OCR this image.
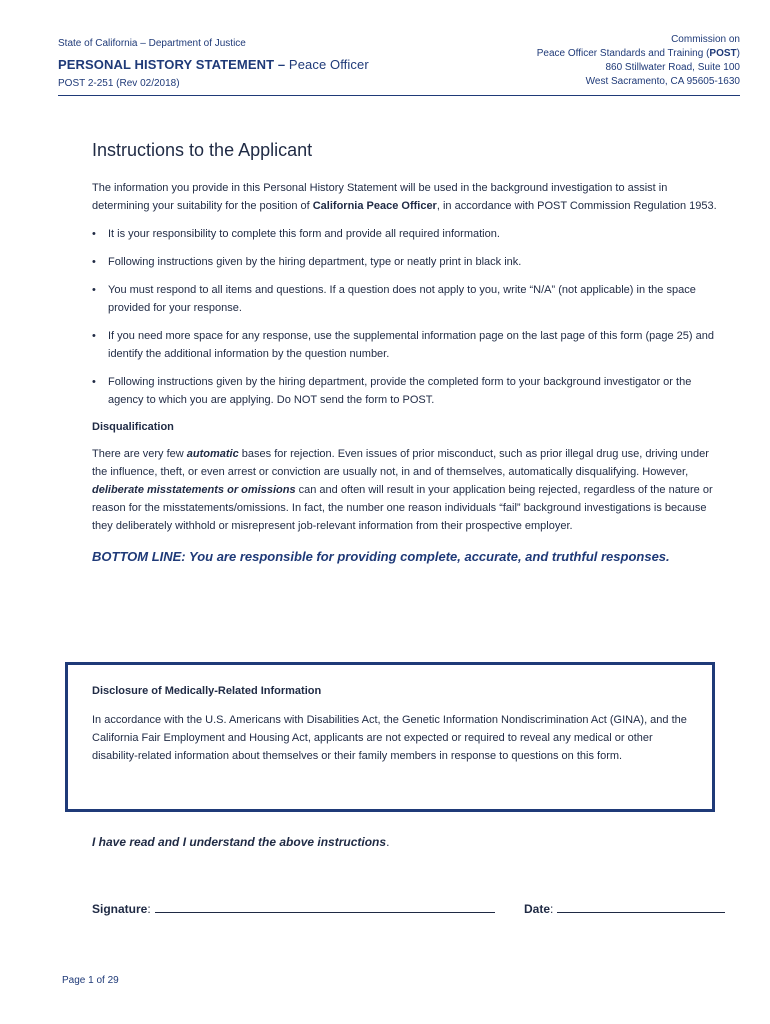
State of California – Department of Justice
PERSONAL HISTORY STATEMENT – Peace Officer
POST 2-251 (Rev 02/2018)
Commission on
Peace Officer Standards and Training (POST)
860 Stillwater Road, Suite 100
West Sacramento, CA 95605-1630
Instructions to the Applicant

The information you provide in this Personal History Statement will be used in the background investigation to assist in determining your suitability for the position of California Peace Officer, in accordance with POST Commission Regulation 1953.

• It is your responsibility to complete this form and provide all required information.
• Following instructions given by the hiring department, type or neatly print in black ink.
• You must respond to all items and questions. If a question does not apply to you, write “N/A” (not applicable) in the space provided for your response.
• If you need more space for any response, use the supplemental information page on the last page of this form (page 25) and identify the additional information by the question number.
• Following instructions given by the hiring department, provide the completed form to your background investigator or the agency to which you are applying. Do NOT send the form to POST.
Disqualification

There are very few automatic bases for rejection. Even issues of prior misconduct, such as prior illegal drug use, driving under the influence, theft, or even arrest or conviction are usually not, in and of themselves, automatically disqualifying. However, deliberate misstatements or omissions can and often will result in your application being rejected, regardless of the nature or reason for the misstatements/omissions. In fact, the number one reason individuals “fail” background investigations is because they deliberately withhold or misrepresent job-relevant information from their prospective employer.

BOTTOM LINE: You are responsible for providing complete, accurate, and truthful responses.
Disclosure of Medically-Related Information

In accordance with the U.S. Americans with Disabilities Act, the Genetic Information Nondiscrimination Act (GINA), and the California Fair Employment and Housing Act, applicants are not expected or required to reveal any medical or other disability-related information about themselves or their family members in response to questions on this form.

I have read and I understand the above instructions.
Signature:	Date:
Page 1 of 29
